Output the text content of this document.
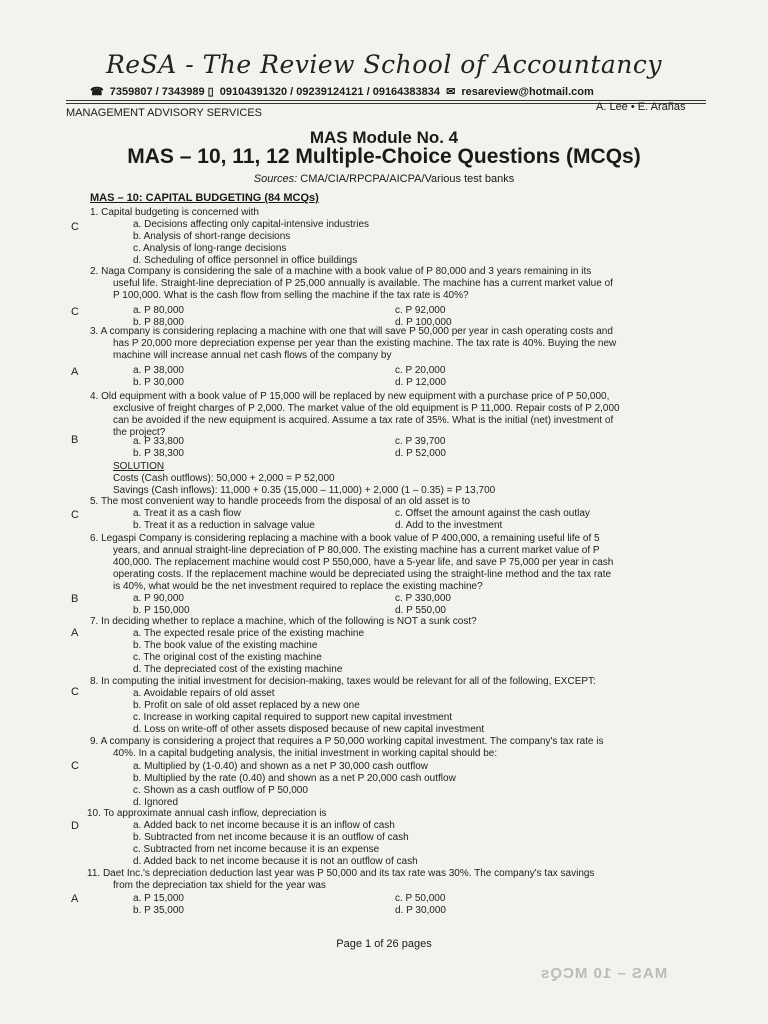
ReSA - The Review School of Accountancy
☎ 7359807 / 7343989 ▯ 09104391320 / 09239124121 / 09164383834 ✉ resareview@hotmail.com
MANAGEMENT ADVISORY SERVICES	A. Lee • E. Arañas
MAS Module No. 4
MAS – 10, 11, 12 Multiple-Choice Questions (MCQs)
Sources: CMA/CIA/RPCPA/AICPA/Various test banks
MAS – 10: CAPITAL BUDGETING (84 MCQs)
1. Capital budgeting is concerned with
a. Decisions affecting only capital-intensive industries
b. Analysis of short-range decisions
c. Analysis of long-range decisions
d. Scheduling of office personnel in office buildings
2. Naga Company is considering the sale of a machine with a book value of P 80,000 and 3 years remaining in its
useful life. Straight-line depreciation of P 25,000 annually is available. The machine has a current market value of
P 100,000. What is the cash flow from selling the machine if the tax rate is 40%?
a. P 80,000	c. P 92,000
b. P 88,000	d. P 100,000
3. A company is considering replacing a machine with one that will save P 50,000 per year in cash operating costs and
has P 20,000 more depreciation expense per year than the existing machine. The tax rate is 40%. Buying the new
machine will increase annual net cash flows of the company by
a. P 38,000	c. P 20,000
b. P 30,000	d. P 12,000
4. Old equipment with a book value of P 15,000 will be replaced by new equipment with a purchase price of P 50,000,
exclusive of freight charges of P 2,000. The market value of the old equipment is P 11,000. Repair costs of P 2,000
can be avoided if the new equipment is acquired. Assume a tax rate of 35%. What is the initial (net) investment of
the project?
a. P 33,800	c. P 39,700
b. P 38,300	d. P 52,000
SOLUTION
Costs (Cash outflows): 50,000 + 2,000 = P 52,000
Savings (Cash inflows): 11,000 + 0.35 (15,000 – 11,000) + 2,000 (1 – 0.35) = P 13,700
5. The most convenient way to handle proceeds from the disposal of an old asset is to
a. Treat it as a cash flow	c. Offset the amount against the cash outlay
b. Treat it as a reduction in salvage value	d. Add to the investment
6. Legaspi Company is considering replacing a machine with a book value of P 400,000, a remaining useful life of 5
years, and annual straight-line depreciation of P 80,000. The existing machine has a current market value of P
400,000. The replacement machine would cost P 550,000, have a 5-year life, and save P 75,000 per year in cash
operating costs. If the replacement machine would be depreciated using the straight-line method and the tax rate
is 40%, what would be the net investment required to replace the existing machine?
a. P 90,000	c. P 330,000
b. P 150,000	d. P 550,00
7. In deciding whether to replace a machine, which of the following is NOT a sunk cost?
a. The expected resale price of the existing machine
b. The book value of the existing machine
c. The original cost of the existing machine
d. The depreciated cost of the existing machine
8. In computing the initial investment for decision-making, taxes would be relevant for all of the following, EXCEPT:
a. Avoidable repairs of old asset
b. Profit on sale of old asset replaced by a new one
c. Increase in working capital required to support new capital investment
d. Loss on write-off of other assets disposed because of new capital investment
9. A company is considering a project that requires a P 50,000 working capital investment. The company's tax rate is
40%. In a capital budgeting analysis, the initial investment in working capital should be:
a. Multiplied by (1-0.40) and shown as a net P 30,000 cash outflow
b. Multiplied by the rate (0.40) and shown as a net P 20,000 cash outflow
c. Shown as a cash outflow of P 50,000
d. Ignored
10. To approximate annual cash inflow, depreciation is
a. Added back to net income because it is an inflow of cash
b. Subtracted from net income because it is an outflow of cash
c. Subtracted from net income because it is an expense
d. Added back to net income because it is not an outflow of cash
11. Daet Inc.'s depreciation deduction last year was P 50,000 and its tax rate was 30%. The company's tax savings
from the depreciation tax shield for the year was
a. P 15,000	c. P 50,000
b. P 35,000	d. P 30,000
C
C
A
B
C
B
A
C
C
D
A
Page 1 of 26 pages
MAS – 10 MCQs
